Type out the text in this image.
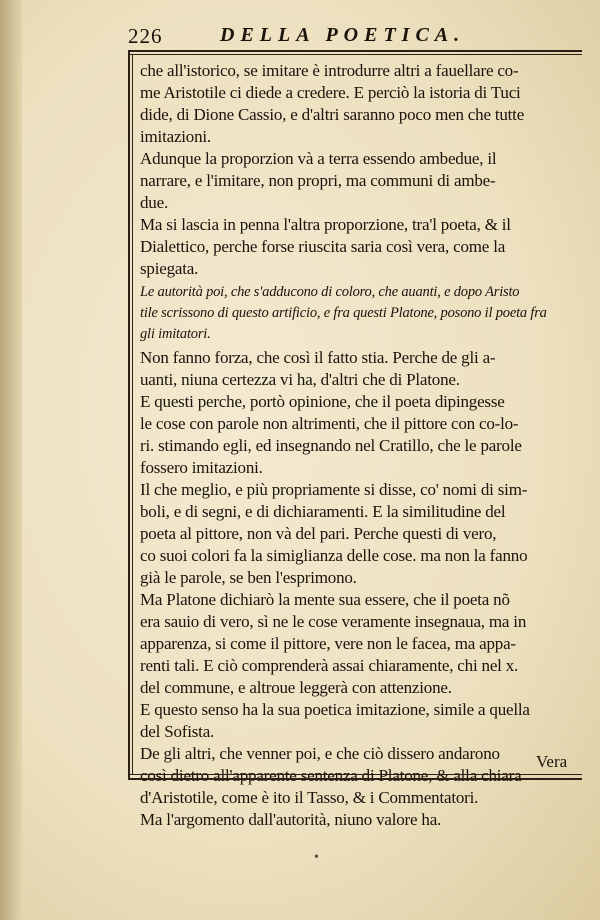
226	DELLA POETICA.
che all'istorico, se imitare è introdurre altri a fauellare co-
me Aristotile ci diede a credere. E perciò la istoria di Tuci
dide, di Dione Cassio, e d'altri saranno poco men che tutte
imitazioni.
Adunque la proporzion và a terra essendo ambedue, il
narrare, e l'imitare, non propri, ma communi di ambe-
due.
Ma si lascia in penna l'altra proporzione, tra'l poeta, & il
Dialettico, perche forse riuscita saria così vera, come la
spiegata.
Le autorità poi, che s'adducono di coloro, che auanti, e dopo Aristo
tile scrissono di questo artificio, e fra questi Platone, posono il poeta fra
gli imitatori.
Non fanno forza, che così il fatto stia. Perche de gli a-
uanti, niuna certezza vi ha, d'altri che di Platone.
E questi perche, portò opinione, che il poeta dipingesse
le cose con parole non altrimenti, che il pittore con co-lo-
ri. stimando egli, ed insegnando nel Cratillo, che le parole
fossero imitazioni.
Il che meglio, e più propriamente si disse, co' nomi di sim-
boli, e di segni, e di dichiaramenti. E la similitudine del
poeta al pittore, non và del pari. Perche questi di vero,
co suoi colori fa la simiglianza delle cose. ma non la fanno
già le parole, se ben l'esprimono.
Ma Platone dichiarò la mente sua essere, che il poeta nõ
era sauio di vero, sì ne le cose veramente insegnaua, ma in
apparenza, si come il pittore, vere non le facea, ma appa-
renti tali. E ciò comprenderà assai chiaramente, chi nel x.
del commune, e altroue leggerà con attenzione.
E questo senso ha la sua poetica imitazione, simile a quella
del Sofista.
De gli altri, che venner poi, e che ciò dissero andarono
così dietro all'apparente sentenza di Platone, & alla chiara
d'Aristotile, come è ito il Tasso, & i Commentatori.
Ma l'argomento dall'autorità, niuno valore ha.
Vera
•
